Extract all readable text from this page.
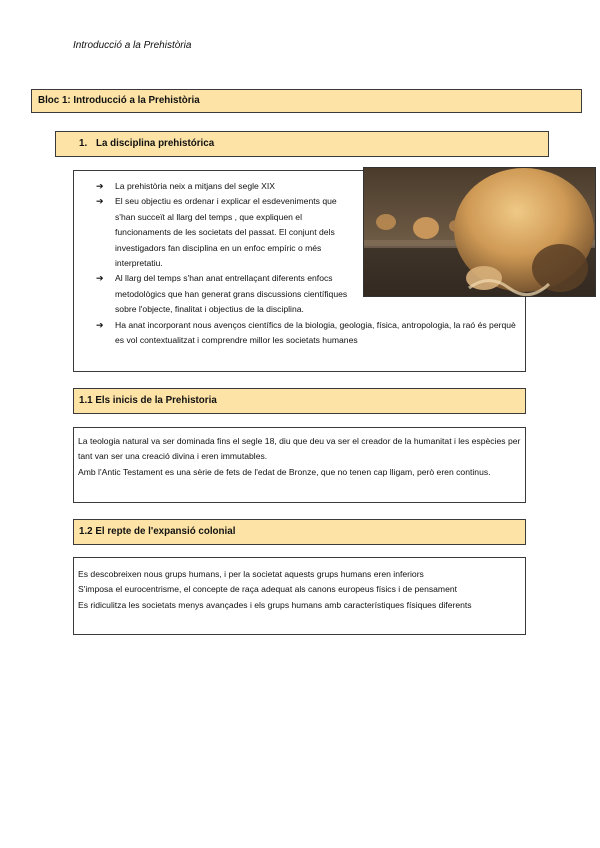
Introducció a la Prehistòria
Bloc 1: Introducció a la Prehistòria
1. La disciplina prehistórica
➔ La prehistòria neix a mitjans del segle XIX
➔ El seu objectiu es ordenar i explicar el esdeveniments que s'han succeït al llarg del temps , que expliquen el funcionaments de les societats del passat. El conjunt dels investigadors fan disciplina en un enfoc empíric o més interpretatiu.
➔ Al llarg del temps s'han anat entrellaçant diferents enfocs metodològics que han generat grans discussions científiques sobre l'objecte, finalitat i objectius de la disciplina.
➔ Ha anat incorporant nous avenços científics de la biologia, geologia, física, antropologia, la raó és perquè es vol contextualitzat i comprendre millor les societats humanes
1.1 Els inicis de la Prehistoria

La teologia natural va ser dominada fins el segle 18, diu que deu va ser el creador de la humanitat i les espècies per tant van ser una creació divina i eren immutables.

Amb l'Antic Testament es una sèrie de fets de l'edat de Bronze, que no tenen cap lligam, però eren continus.

1.2 El repte de l'expansió colonial

Es descobreixen nous grups humans, i per la societat aquests grups humans eren inferiors

S'imposa el eurocentrisme, el concepte de raça adequat als canons europeus físics i de pensament

Es ridiculitza les societats menys avançades i els grups humans amb característiques físiques diferents
